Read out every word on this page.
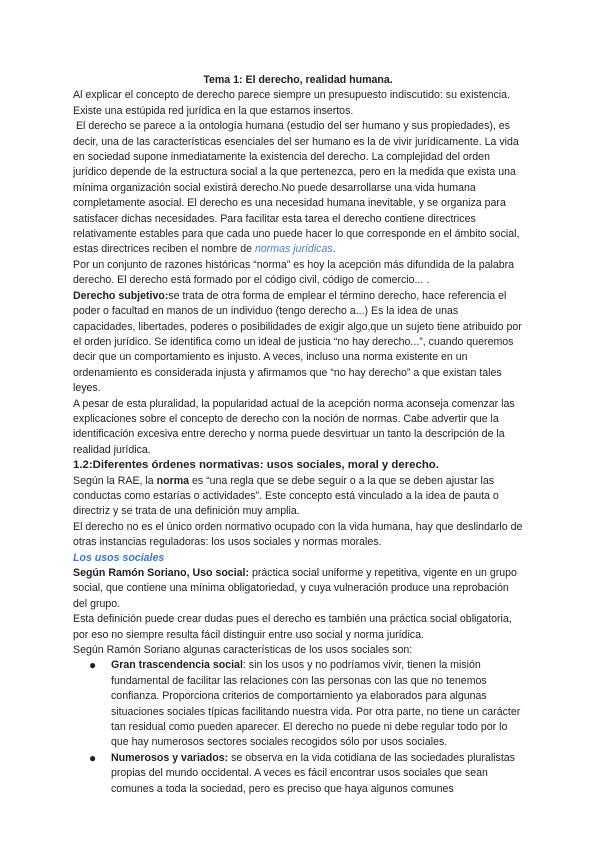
Tema 1: El derecho, realidad humana.

Al explicar el concepto de derecho parece siempre un presupuesto indiscutido: su existencia. Existe una estúpida red jurídica en la que estamos insertos.

El derecho se parece a la ontología humana (estudio del ser humano y sus propiedades), es decir, una de las características esenciales del ser humano es la de vivir jurídicamente. La vida en sociedad supone inmediatamente la existencia del derecho. La complejidad del orden jurídico depende de la estructura social a la que pertenezca, pero en la medida que exista una mínima organización social existirá derecho.No puede desarrollarse una vida humana completamente asocial. El derecho es una necesidad humana inevitable, y se organiza para satisfacer dichas necesidades. Para facilitar esta tarea el derecho contiene directrices relativamente estables para que cada uno puede hacer lo que corresponde en el ámbito social, estas directrices reciben el nombre de normas jurídicas.

Por un conjunto de razones históricas “norma” es hoy la acepción más difundida de la palabra derecho. El derecho está formado por el código civil, código de comercio... .

Derecho subjetivo:se trata de otra forma de emplear el término derecho, hace referencia el poder o facultad en manos de un individuo (tengo derecho a...) Es la idea de unas capacidades, libertades, poderes o posibilidades de exigir algo,que un sujeto tiene atribuido por el orden jurídico. Se identifica como un ideal de justicia “no hay derecho...”, cuando queremos decir que un comportamiento es injusto. A veces, incluso una norma existente en un ordenamiento es considerada injusta y afirmamos que “no hay derecho” a que existan tales leyes.

A pesar de esta pluralidad, la popularidad actual de la acepción norma aconseja comenzar las explicaciones sobre el concepto de derecho con la noción de normas. Cabe advertir que la identificación excesiva entre derecho y norma puede desvirtuar un tanto la descripción de la realidad jurídica.

1.2:Diferentes órdenes normativas: usos sociales, moral y derecho.

Según la RAE, la norma es “una regla que se debe seguir o a la que se deben ajustar las conductas como estarías o actividades”. Este concepto está vinculado a la idea de pauta o directriz y se trata de una definición muy amplia.

El derecho no es el único orden normativo ocupado con la vida humana, hay que deslindarlo de otras instancias reguladoras: los usos sociales y normas morales.

Los usos sociales

Según Ramón Soriano, Uso social: práctica social uniforme y repetitiva, vigente en un grupo social, que contiene una mínima obligatoriedad, y cuya vulneración produce una reprobación del grupo.

Esta definición puede crear dudas pues el derecho es también una práctica social obligatoria, por eso no siempre resulta fácil distinguir entre uso social y norma jurídica.

Según Ramón Soriano algunas características de los usos sociales son:

● Gran trascendencia social: sin los usos y no podríamos vivir, tienen la misión fundamental de facilitar las relaciones con las personas con las que no tenemos confianza. Proporciona criterios de comportamiento ya elaborados para algunas situaciones sociales típicas facilitando nuestra vida. Por otra parte, no tiene un carácter tan residual como pueden aparecer. El derecho no puede ni debe regular todo por lo que hay numerosos sectores sociales recogidos sólo por usos sociales.
● Numerosos y variados: se observa en la vida cotidiana de las sociedades pluralistas propias del mundo occidental. A veces es fácil encontrar usos sociales que sean comunes a toda la sociedad, pero es preciso que haya algunos comunes
